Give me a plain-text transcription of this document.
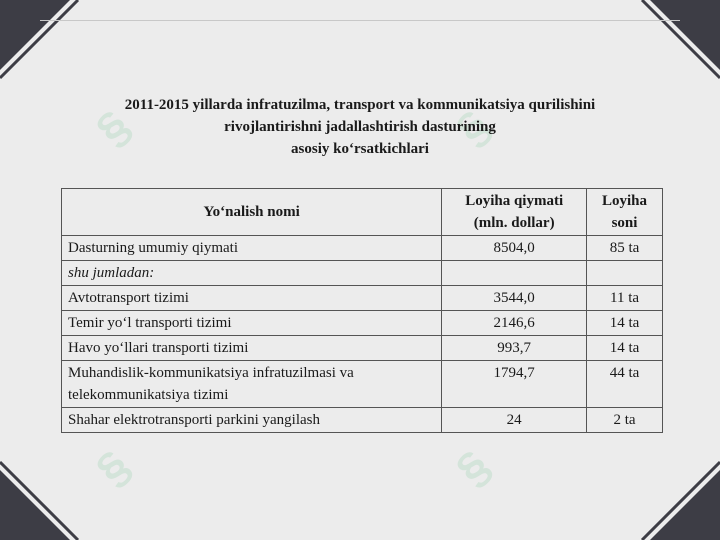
§	§
§	§
2011-2015 yillarda infratuzilma, transport va kommunikatsiya qurilishini
rivojlantirishni jadallashtirish dasturining
asosiy ko‘rsatkichlari
Yo‘nalish nomi	Loyiha qiymati (mln. dollar)	Loyiha soni
Dasturning umumiy qiymati	8504,0	85 ta
shu jumladan:		
Avtotransport tizimi	3544,0	11 ta
Temir yo‘l transporti tizimi	2146,6	14 ta
Havo yo‘llari transporti tizimi	993,7	14 ta
Muhandislik-kommunikatsiya infratuzilmasi va telekommunikatsiya tizimi	1794,7	44 ta
Shahar elektrotransporti parkini yangilash	24	2 ta
